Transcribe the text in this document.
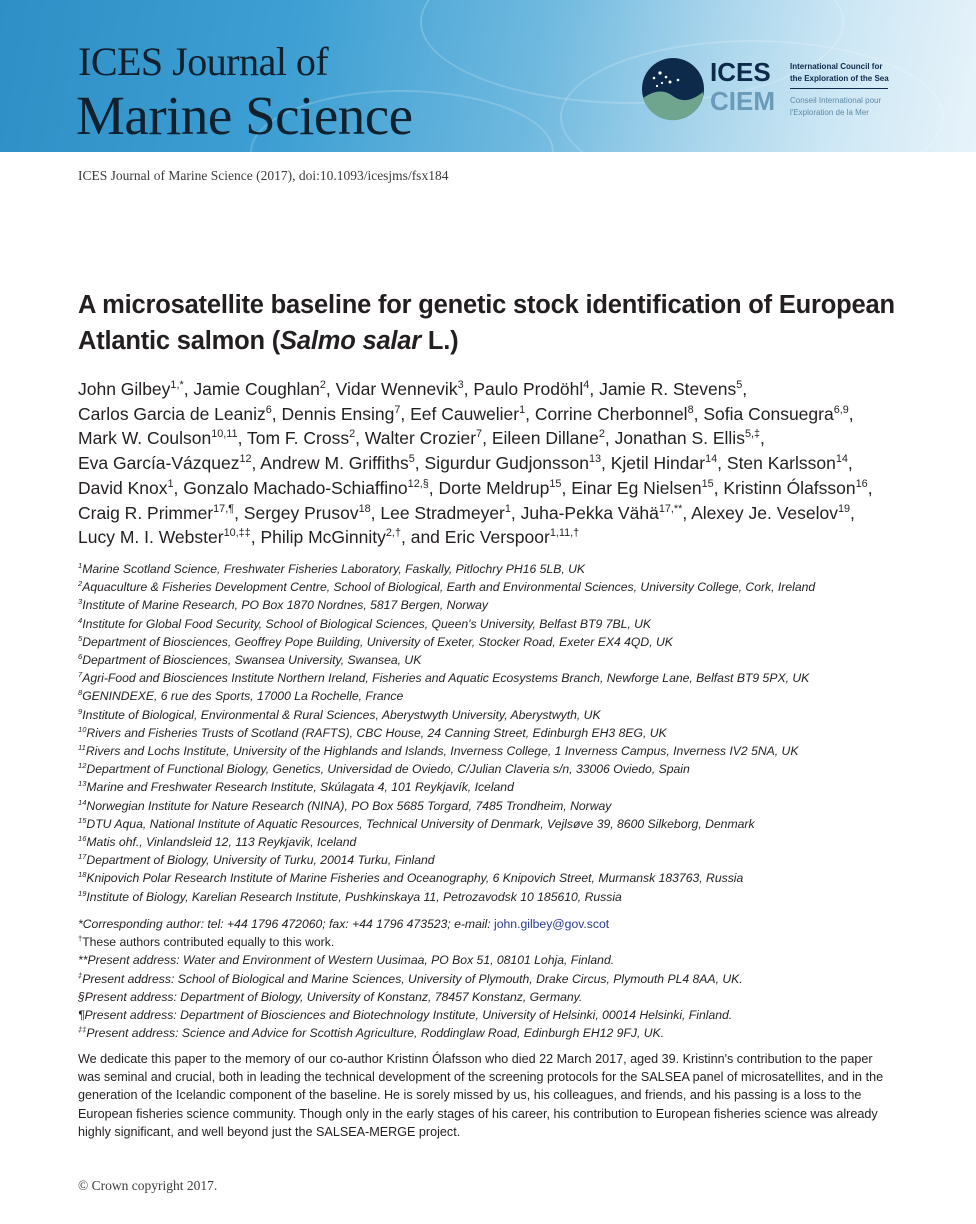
ICES Journal of
Marine Science
ICES
CIEM
International Council for
the Exploration of the Sea
Conseil International pour
l'Exploration de la Mer
ICES Journal of Marine Science (2017), doi:10.1093/icesjms/fsx184
A microsatellite baseline for genetic stock identification of European Atlantic salmon (Salmo salar L.)
John Gilbey$^{1,*}$, Jamie Coughlan$^2$, Vidar Wennevik$^3$, Paulo Prodöhl$^4$, Jamie R. Stevens$^5$, Carlos Garcia de Leaniz$^6$, Dennis Ensing$^7$, Eef Cauwelier$^1$, Corrine Cherbonnel$^8$, Sofia Consuegra$^{6,9}$, Mark W. Coulson$^{10,11}$, Tom F. Cross$^2$, Walter Crozier$^7$, Eileen Dillane$^2$, Jonathan S. Ellis$^{5,\ddagger}$, Eva García-Vázquez$^{12}$, Andrew M. Griffiths$^5$, Sigurdur Gudjonsson$^{13}$, Kjetil Hindar$^{14}$, Sten Karlsson$^{14}$, David Knox$^1$, Gonzalo Machado-Schiaffino$^{12,\S}$, Dorte Meldrup$^{15}$, Einar Eg Nielsen$^{15}$, Kristinn Ólafsson$^{16}$, Craig R. Primmer$^{17,\P}$, Sergey Prusov$^{18}$, Lee Stradmeyer$^1$, Juha-Pekka Vähä$^{17,**}$, Alexey Je. Veselov$^{19}$, Lucy M. I. Webster$^{10,\ddagger\ddagger}$, Philip McGinnity$^{2,\dagger}$, and Eric Verspoor$^{1,11,\dagger}$
$^1$Marine Scotland Science, Freshwater Fisheries Laboratory, Faskally, Pitlochry PH16 5LB, UK
$^2$Aquaculture & Fisheries Development Centre, School of Biological, Earth and Environmental Sciences, University College, Cork, Ireland
$^3$Institute of Marine Research, PO Box 1870 Nordnes, 5817 Bergen, Norway
$^4$Institute for Global Food Security, School of Biological Sciences, Queen's University, Belfast BT9 7BL, UK
$^5$Department of Biosciences, Geoffrey Pope Building, University of Exeter, Stocker Road, Exeter EX4 4QD, UK
$^6$Department of Biosciences, Swansea University, Swansea, UK
$^7$Agri-Food and Biosciences Institute Northern Ireland, Fisheries and Aquatic Ecosystems Branch, Newforge Lane, Belfast BT9 5PX, UK
$^8$GENINDEXE, 6 rue des Sports, 17000 La Rochelle, France
$^9$Institute of Biological, Environmental & Rural Sciences, Aberystwyth University, Aberystwyth, UK
$^{10}$Rivers and Fisheries Trusts of Scotland (RAFTS), CBC House, 24 Canning Street, Edinburgh EH3 8EG, UK
$^{11}$Rivers and Lochs Institute, University of the Highlands and Islands, Inverness College, 1 Inverness Campus, Inverness IV2 5NA, UK
$^{12}$Department of Functional Biology, Genetics, Universidad de Oviedo, C/Julian Claveria s/n, 33006 Oviedo, Spain
$^{13}$Marine and Freshwater Research Institute, Skúlagata 4, 101 Reykjavík, Iceland
$^{14}$Norwegian Institute for Nature Research (NINA), PO Box 5685 Torgard, 7485 Trondheim, Norway
$^{15}$DTU Aqua, National Institute of Aquatic Resources, Technical University of Denmark, Vejlsøve 39, 8600 Silkeborg, Denmark
$^{16}$Matis ohf., Vinlandsleid 12, 113 Reykjavik, Iceland
$^{17}$Department of Biology, University of Turku, 20014 Turku, Finland
$^{18}$Knipovich Polar Research Institute of Marine Fisheries and Oceanography, 6 Knipovich Street, Murmansk 183763, Russia
$^{19}$Institute of Biology, Karelian Research Institute, Pushkinskaya 11, Petrozavodsk 10 185610, Russia
*Corresponding author: tel: +44 1796 472060; fax: +44 1796 473523; e-mail: john.gilbey@gov.scot
†These authors contributed equally to this work.
**Present address: Water and Environment of Western Uusimaa, PO Box 51, 08101 Lohja, Finland.
‡Present address: School of Biological and Marine Sciences, University of Plymouth, Drake Circus, Plymouth PL4 8AA, UK.
§Present address: Department of Biology, University of Konstanz, 78457 Konstanz, Germany.
¶Present address: Department of Biosciences and Biotechnology Institute, University of Helsinki, 00014 Helsinki, Finland.
‡‡Present address: Science and Advice for Scottish Agriculture, Roddinglaw Road, Edinburgh EH12 9FJ, UK.

We dedicate this paper to the memory of our co-author Kristinn Ólafsson who died 22 March 2017, aged 39. Kristinn's contribution to the paper was seminal and crucial, both in leading the technical development of the screening protocols for the SALSEA panel of microsatellites, and in the generation of the Icelandic component of the baseline. He is sorely missed by us, his colleagues, and friends, and his passing is a loss to the European fisheries science community. Though only in the early stages of his career, his contribution to European fisheries science was already highly significant, and well beyond just the SALSEA-MERGE project.

© Crown copyright 2017.
